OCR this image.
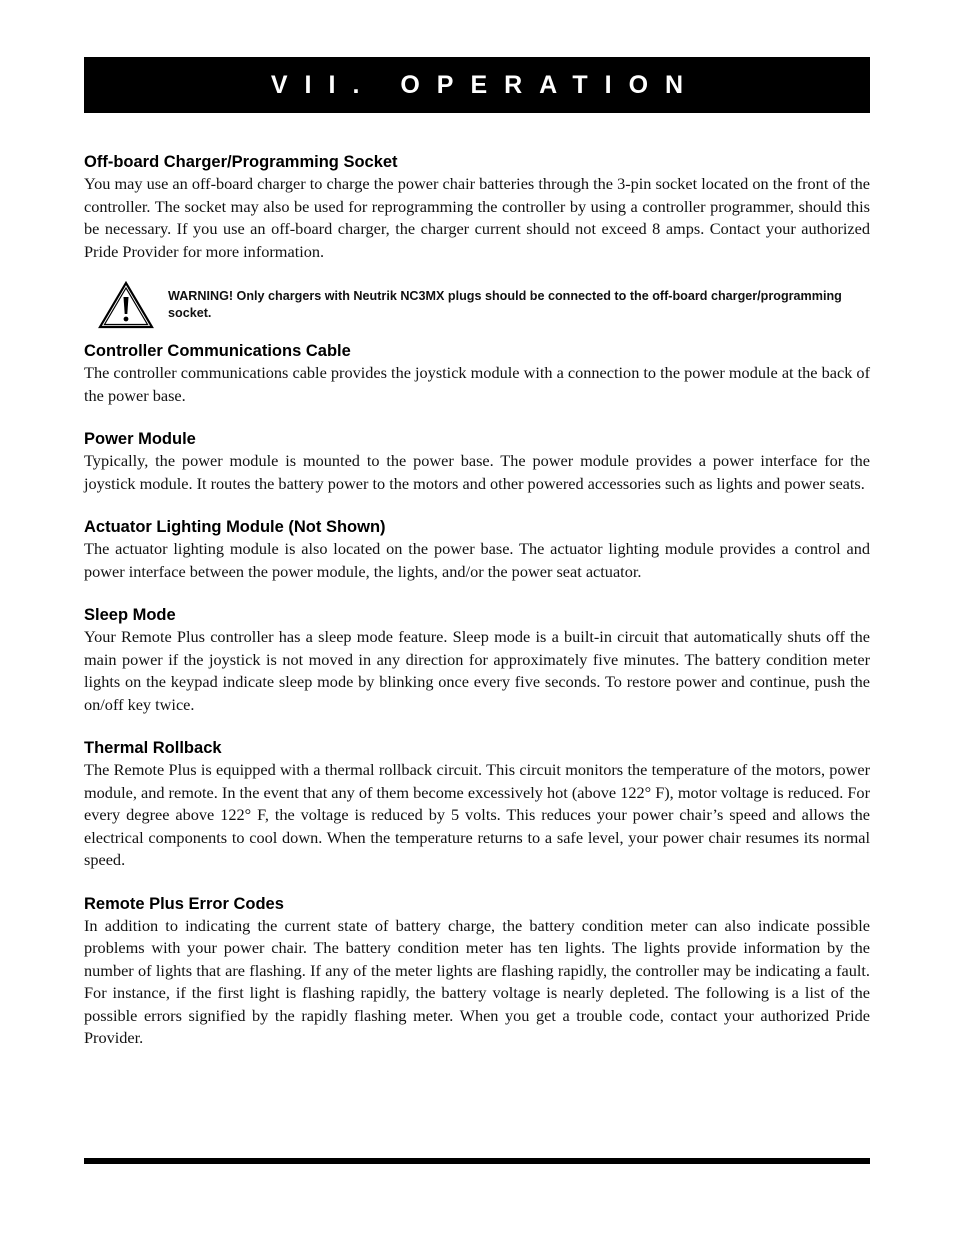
VII. OPERATION
Off-board Charger/Programming Socket

You may use an off-board charger to charge the power chair batteries through the 3-pin socket located on the front of the controller. The socket may also be used for reprogramming the controller by using a controller programmer, should this be necessary. If you use an off-board charger, the charger current should not exceed 8 amps. Contact your authorized Pride Provider for more information.

WARNING! Only chargers with Neutrik NC3MX plugs should be connected to the off-board charger/programming socket.

Controller Communications Cable

The controller communications cable provides the joystick module with a connection to the power module at the back of the power base.

Power Module

Typically, the power module is mounted to the power base. The power module provides a power interface for the joystick module. It routes the battery power to the motors and other powered accessories such as lights and power seats.

Actuator Lighting Module (Not Shown)

The actuator lighting module is also located on the power base. The actuator lighting module provides a control and power interface between the power module, the lights, and/or the power seat actuator.

Sleep Mode

Your Remote Plus controller has a sleep mode feature. Sleep mode is a built-in circuit that automatically shuts off the main power if the joystick is not moved in any direction for approximately five minutes. The battery condition meter lights on the keypad indicate sleep mode by blinking once every five seconds. To restore power and continue, push the on/off key twice.

Thermal Rollback

The Remote Plus is equipped with a thermal rollback circuit. This circuit monitors the temperature of the motors, power module, and remote. In the event that any of them become excessively hot (above 122° F), motor voltage is reduced. For every degree above 122° F, the voltage is reduced by 5 volts. This reduces your power chair’s speed and allows the electrical components to cool down. When the temperature returns to a safe level, your power chair resumes its normal speed.

Remote Plus Error Codes

In addition to indicating the current state of battery charge, the battery condition meter can also indicate possible problems with your power chair. The battery condition meter has ten lights. The lights provide information by the number of lights that are flashing. If any of the meter lights are flashing rapidly, the controller may be indicating a fault. For instance, if the first light is flashing rapidly, the battery voltage is nearly depleted. The following is a list of the possible errors signified by the rapidly flashing meter. When you get a trouble code, contact your authorized Pride Provider.
